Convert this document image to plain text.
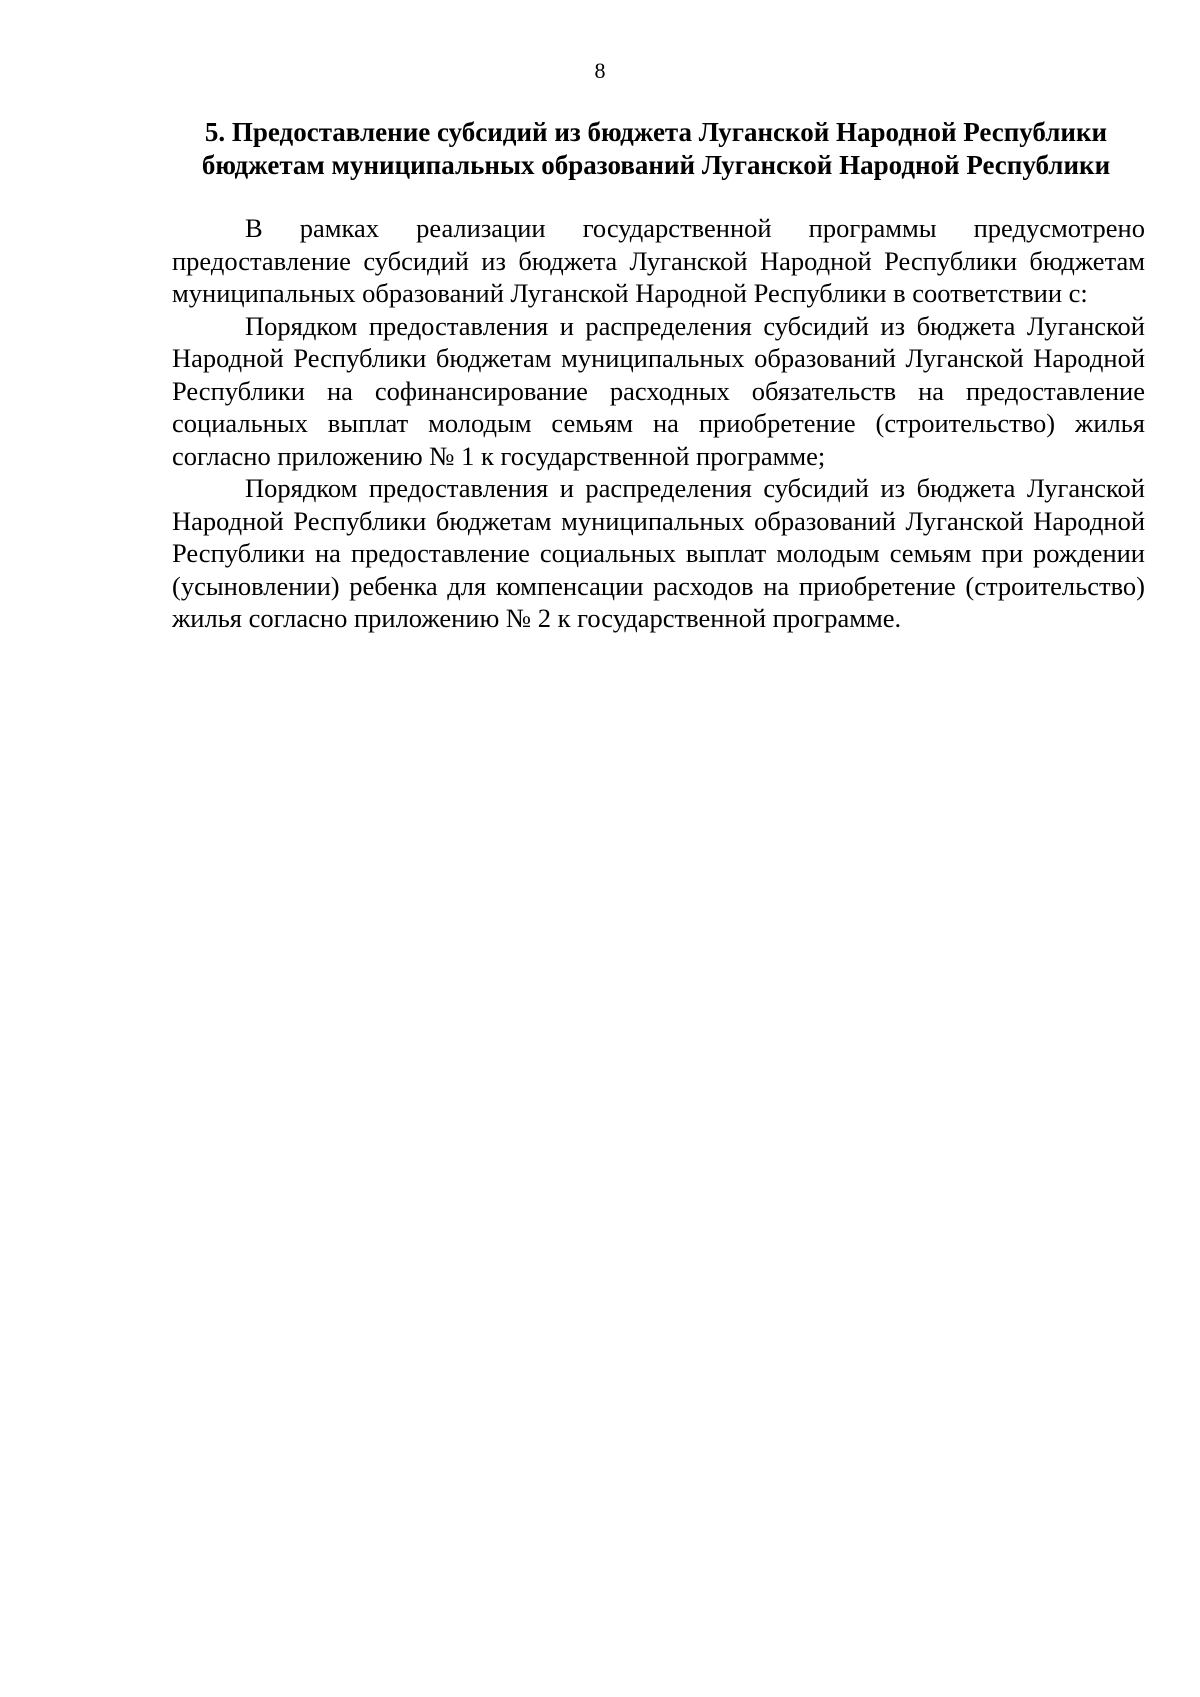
8
5. Предоставление субсидий из бюджета Луганской Народной Республики
бюджетам муниципальных образований Луганской Народной Республики

В рамках реализации государственной программы предусмотрено предоставление субсидий из бюджета Луганской Народной Республики бюджетам муниципальных образований Луганской Народной Республики в соответствии с:

Порядком предоставления и распределения субсидий из бюджета Луганской Народной Республики бюджетам муниципальных образований Луганской Народной Республики на софинансирование расходных обязательств на предоставление социальных выплат молодым семьям на приобретение (строительство) жилья согласно приложению № 1 к государственной программе;

Порядком предоставления и распределения субсидий из бюджета Луганской Народной Республики бюджетам муниципальных образований Луганской Народной Республики на предоставление социальных выплат молодым семьям при рождении (усыновлении) ребенка для компенсации расходов на приобретение (строительство) жилья согласно приложению № 2 к государственной программе.
